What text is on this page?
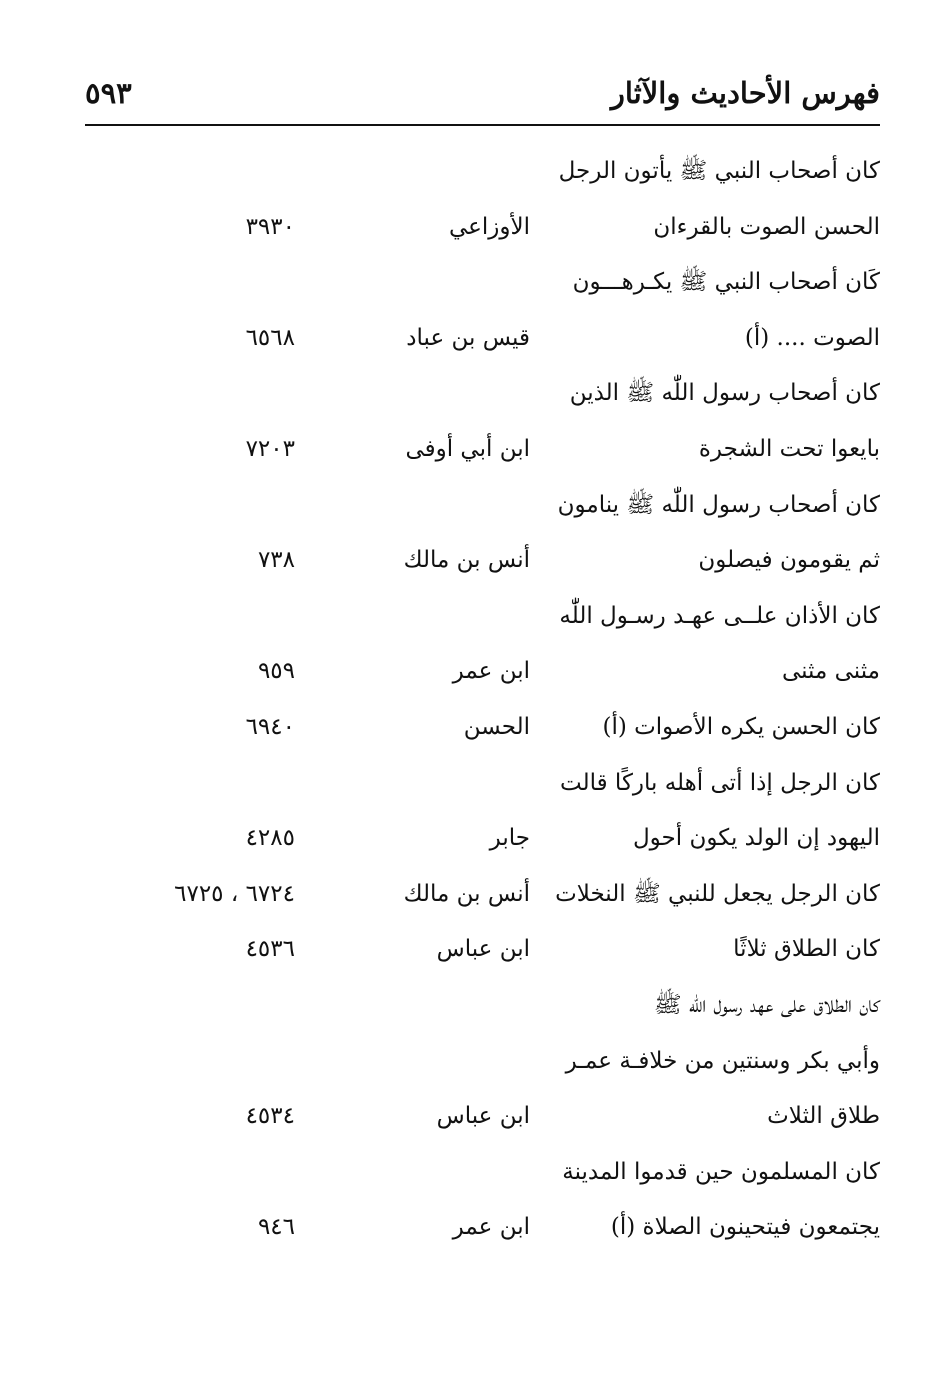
فهرس الأحاديث والآثار
٥٩٣
كان أصحاب النبي ﷺ يأتون الرجل
الحسن الصوت بالقرءان
الأوزاعي
٣٩٣٠
كَان أصحاب النبي ﷺ يكـرهـــون
الصوت .... (أ)
قيس بن عباد
٦٥٦٨
كان أصحاب رسول اللّٰه ﷺ الذين
بايعوا تحت الشجرة
ابن أبي أوفى
٧٢٠٣
كان أصحاب رسول اللّٰه ﷺ ينامون
ثم يقومون فيصلون
أنس بن مالك
٧٣٨
كان الأذان علــى عهـد رسـول اللّٰه
مثنى مثنى
ابن عمر
٩٥٩
كان الحسن يكره الأصوات (أ)
الحسن
٦٩٤٠
كان الرجل إذا أتى أهله باركًا قالت
اليهود إن الولد يكون أحول
جابر
٤٢٨٥
كان الرجل يجعل للنبي ﷺ النخلات
أنس بن مالك
٦٧٢٤ ، ٦٧٢٥
كان الطلاق ثلاثًا
ابن عباس
٤٥٣٦
كان الطلاق على عهد رسول اللّٰه ﷺ
وأبي بكر وسنتين من خلافـة عمـر
طلاق الثلاث
ابن عباس
٤٥٣٤
كان المسلمون حين قدموا المدينة
يجتمعون فيتحينون الصلاة (أ)
ابن عمر
٩٤٦
